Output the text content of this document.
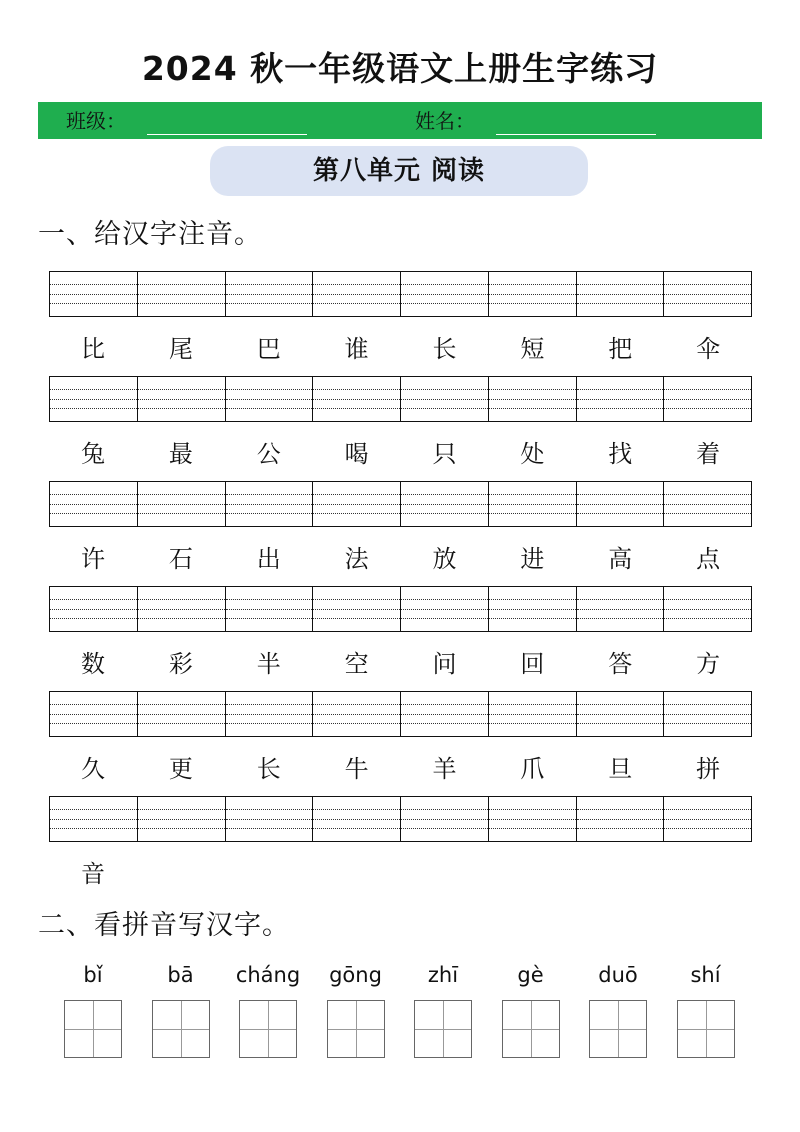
2024 秋一年级语文上册生字练习
班级：	姓名：
第八单元 阅读
一、给汉字注音。
比	尾	巴	谁	长	短	把	伞
兔	最	公	喝	只	处	找	着
许	石	出	法	放	进	高	点
数	彩	半	空	问	回	答	方
久	更	长	牛	羊	爪	旦	拼
音
二、看拼音写汉字。
bǐ	bā	cháng	gōng	zhī	gè	duō	shí
